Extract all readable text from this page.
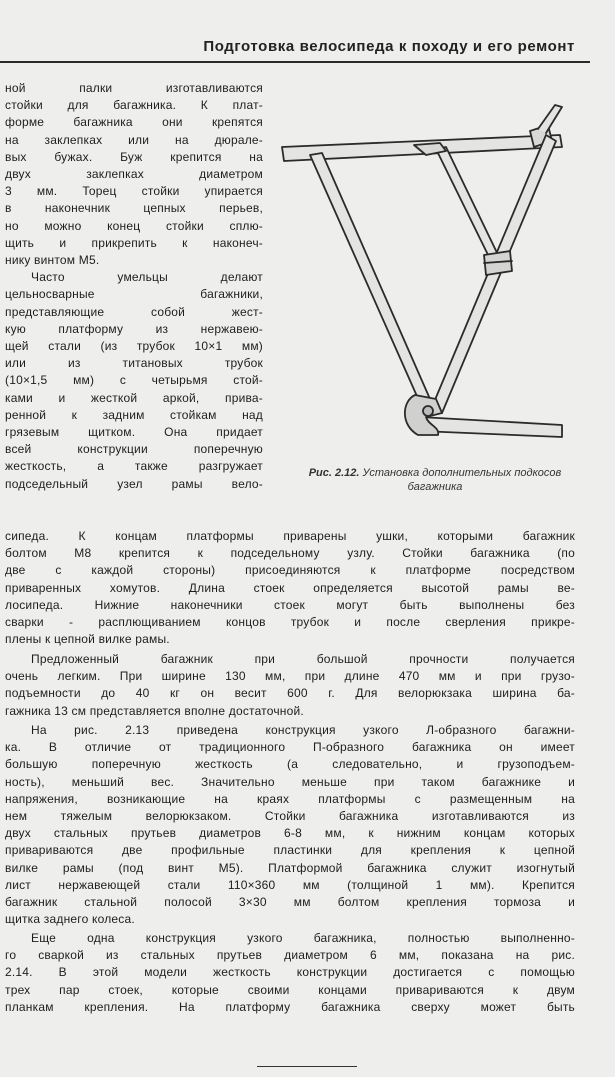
Подготовка велосипеда к походу и его ремонт
ной палки изготавливаются
стойки для багажника. К плат-
форме багажника они крепятся
на заклепках или на дюрале-
вых бужах. Буж крепится на
двух заклепках диаметром
3 мм. Торец стойки упирается
в наконечник цепных перьев,
но можно конец стойки сплю-
щить и прикрепить к наконеч-
нику винтом М5.
Часто умельцы делают
цельносварные багажники,
представляющие собой жест-
кую платформу из нержавею-
щей стали (из трубок 10×1 мм)
или из титановых трубок
(10×1,5 мм) с четырьмя стой-
ками и жесткой аркой, прива-
ренной к задним стойкам над
грязевым щитком. Она придает
всей конструкции поперечную
жесткость, а также разгружает
подседельный узел рамы вело-
Рис. 2.12. Установка дополнительных подкосов багажника
сипеда. К концам платформы приварены ушки, которыми багажник
болтом М8 крепится к подседельному узлу. Стойки багажника (по
две с каждой стороны) присоединяются к платформе посредством
приваренных хомутов. Длина стоек определяется высотой рамы ве-
лосипеда. Нижние наконечники стоек могут быть выполнены без
сварки - расплющиванием концов трубок и после сверления прикре-
плены к цепной вилке рамы.
Предложенный багажник при большой прочности получается
очень легким. При ширине 130 мм, при длине 470 мм и при грузо-
подъемности до 40 кг он весит 600 г. Для велорюкзака ширина ба-
гажника 13 см представляется вполне достаточной.
На рис. 2.13 приведена конструкция узкого Л-образного багажни-
ка. В отличие от традиционного П-образного багажника он имеет
большую поперечную жесткость (а следовательно, и грузоподъем-
ность), меньший вес. Значительно меньше при таком багажнике и
напряжения, возникающие на краях платформы с размещенным на
нем тяжелым велорюкзаком. Стойки багажника изготавливаются из
двух стальных прутьев диаметров 6-8 мм, к нижним концам которых
привариваются две профильные пластинки для крепления к цепной
вилке рамы (под винт М5). Платформой багажника служит изогнутый
лист нержавеющей стали 110×360 мм (толщиной 1 мм). Крепится
багажник стальной полосой 3×30 мм болтом крепления тормоза и
щитка заднего колеса.
Еще одна конструкция узкого багажника, полностью выполненно-
го сваркой из стальных прутьев диаметром 6 мм, показана на рис.
2.14. В этой модели жесткость конструкции достигается с помощью
трех пар стоек, которые своими концами привариваются к двум
планкам крепления. На платформу багажника сверху может быть
